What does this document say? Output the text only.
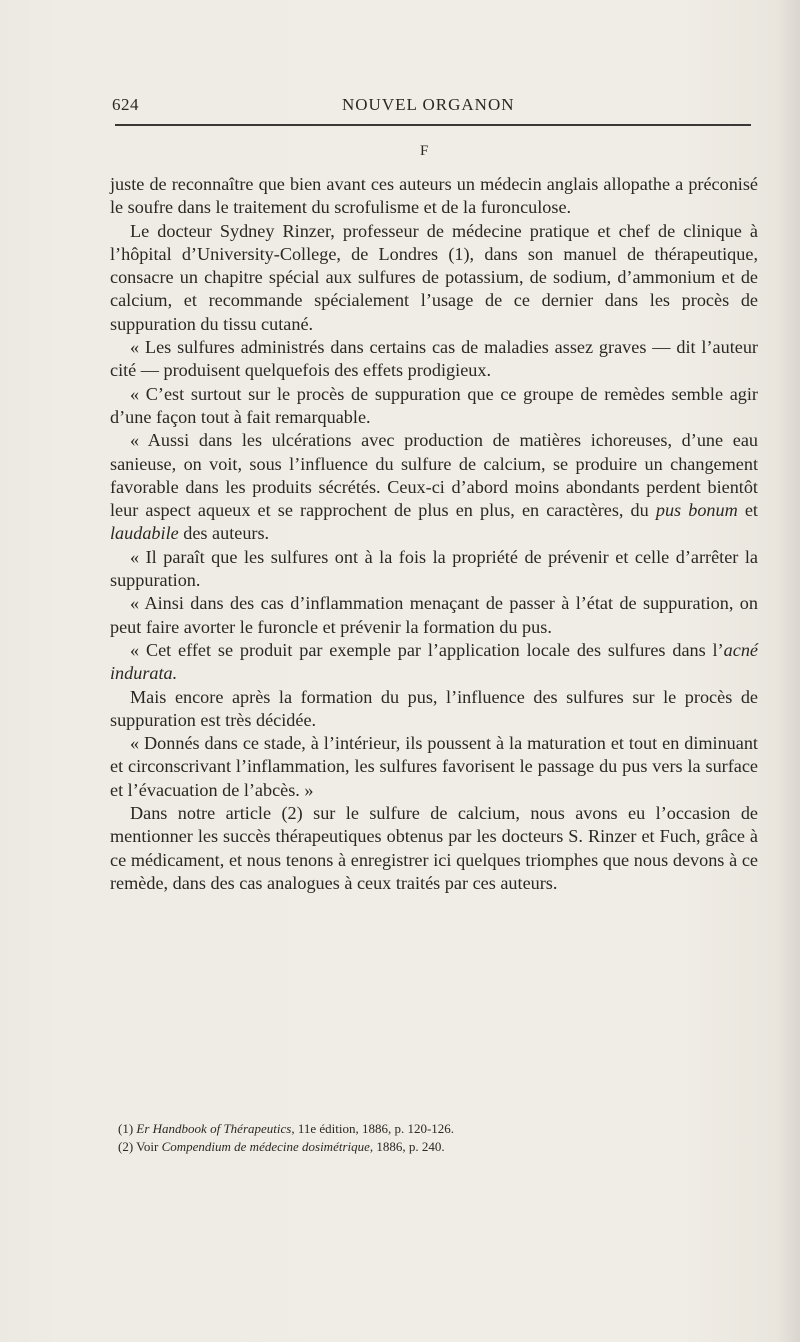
624	NOUVEL ORGANON
F

juste de reconnaître que bien avant ces auteurs un médecin anglais allopathe a préconisé le soufre dans le traitement du scrofulisme et de la furonculose.

Le docteur Sydney Rinzer, professeur de médecine pratique et chef de clinique à l’hôpital d’University-College, de Londres (1), dans son manuel de thérapeutique, consacre un chapitre spécial aux sulfures de potassium, de sodium, d’ammonium et de calcium, et recommande spécialement l’usage de ce dernier dans les procès de suppuration du tissu cutané.

« Les sulfures administrés dans certains cas de maladies assez graves — dit l’auteur cité — produisent quelquefois des effets prodigieux.

« C’est surtout sur le procès de suppuration que ce groupe de remèdes semble agir d’une façon tout à fait remarquable.

« Aussi dans les ulcérations avec production de matières ichoreuses, d’une eau sanieuse, on voit, sous l’influence du sulfure de calcium, se produire un changement favorable dans les produits sécrétés. Ceux-ci d’abord moins abondants perdent bientôt leur aspect aqueux et se rapprochent de plus en plus, en caractères, du pus bonum et laudabile des auteurs.

« Il paraît que les sulfures ont à la fois la propriété de prévenir et celle d’arrêter la suppuration.

« Ainsi dans des cas d’inflammation menaçant de passer à l’état de suppuration, on peut faire avorter le furoncle et prévenir la formation du pus.

« Cet effet se produit par exemple par l’application locale des sulfures dans l’acné indurata.

Mais encore après la formation du pus, l’influence des sulfures sur le procès de suppuration est très décidée.

« Donnés dans ce stade, à l’intérieur, ils poussent à la maturation et tout en diminuant et circonscrivant l’inflammation, les sulfures favorisent le passage du pus vers la surface et l’évacuation de l’abcès. »

Dans notre article (2) sur le sulfure de calcium, nous avons eu l’occasion de mentionner les succès thérapeutiques obtenus par les docteurs S. Rinzer et Fuch, grâce à ce médicament, et nous tenons à enregistrer ici quelques triomphes que nous devons à ce remède, dans des cas analogues à ceux traités par ces auteurs.

(1) Er Handbook of Thérapeutics, 11e édition, 1886, p. 120-126.

(2) Voir Compendium de médecine dosimétrique, 1886, p. 240.
